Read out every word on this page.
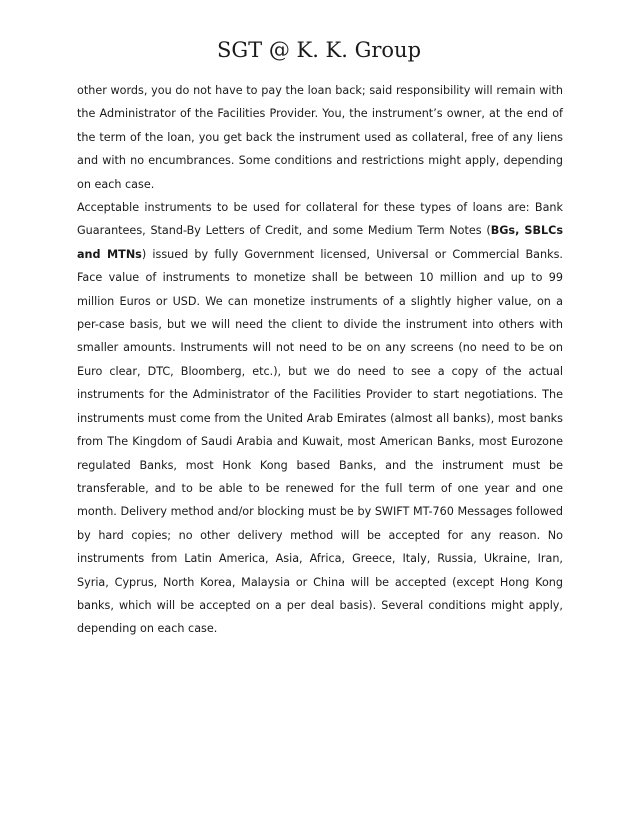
SGT @ K. K. Group

other words, you do not have to pay the loan back; said responsibility will remain with the Administrator of the Facilities Provider. You, the instrument’s owner, at the end of the term of the loan, you get back the instrument used as collateral, free of any liens and with no encumbrances. Some conditions and restrictions might apply, depending on each case.

Acceptable instruments to be used for collateral for these types of loans are: Bank Guarantees, Stand-By Letters of Credit, and some Medium Term Notes (BGs, SBLCs and MTNs) issued by fully Government licensed, Universal or Commercial Banks. Face value of instruments to monetize shall be between 10 million and up to 99 million Euros or USD. We can monetize instruments of a slightly higher value, on a per-case basis, but we will need the client to divide the instrument into others with smaller amounts. Instruments will not need to be on any screens (no need to be on Euro clear, DTC, Bloomberg, etc.), but we do need to see a copy of the actual instruments for the Administrator of the Facilities Provider to start negotiations. The instruments must come from the United Arab Emirates (almost all banks), most banks from The Kingdom of Saudi Arabia and Kuwait, most American Banks, most Eurozone regulated Banks, most Honk Kong based Banks, and the instrument must be transferable, and to be able to be renewed for the full term of one year and one month. Delivery method and/or blocking must be by SWIFT MT-760 Messages followed by hard copies; no other delivery method will be accepted for any reason. No instruments from Latin America, Asia, Africa, Greece, Italy, Russia, Ukraine, Iran, Syria, Cyprus, North Korea, Malaysia or China will be accepted (except Hong Kong banks, which will be accepted on a per deal basis). Several conditions might apply, depending on each case.
